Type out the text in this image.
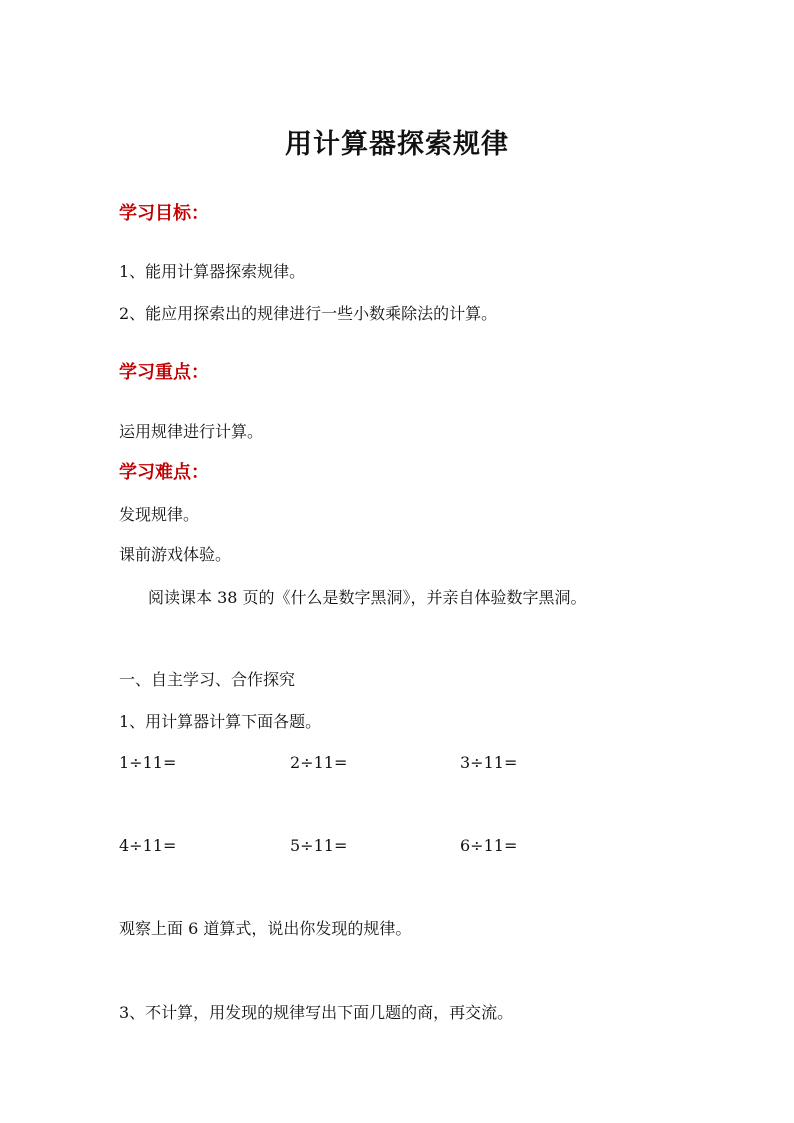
用计算器探索规律
学习目标：
1、能用计算器探索规律。
2、能应用探索出的规律进行一些小数乘除法的计算。
学习重点：
运用规律进行计算。
学习难点：
发现规律。
课前游戏体验。
阅读课本 38 页的《什么是数字黑洞》，并亲自体验数字黑洞。
一、自主学习、合作探究
1、用计算器计算下面各题。
1÷11=	2÷11=	3÷11=
4÷11=	5÷11=	6÷11=
观察上面 6 道算式，说出你发现的规律。
3、不计算，用发现的规律写出下面几题的商，再交流。
